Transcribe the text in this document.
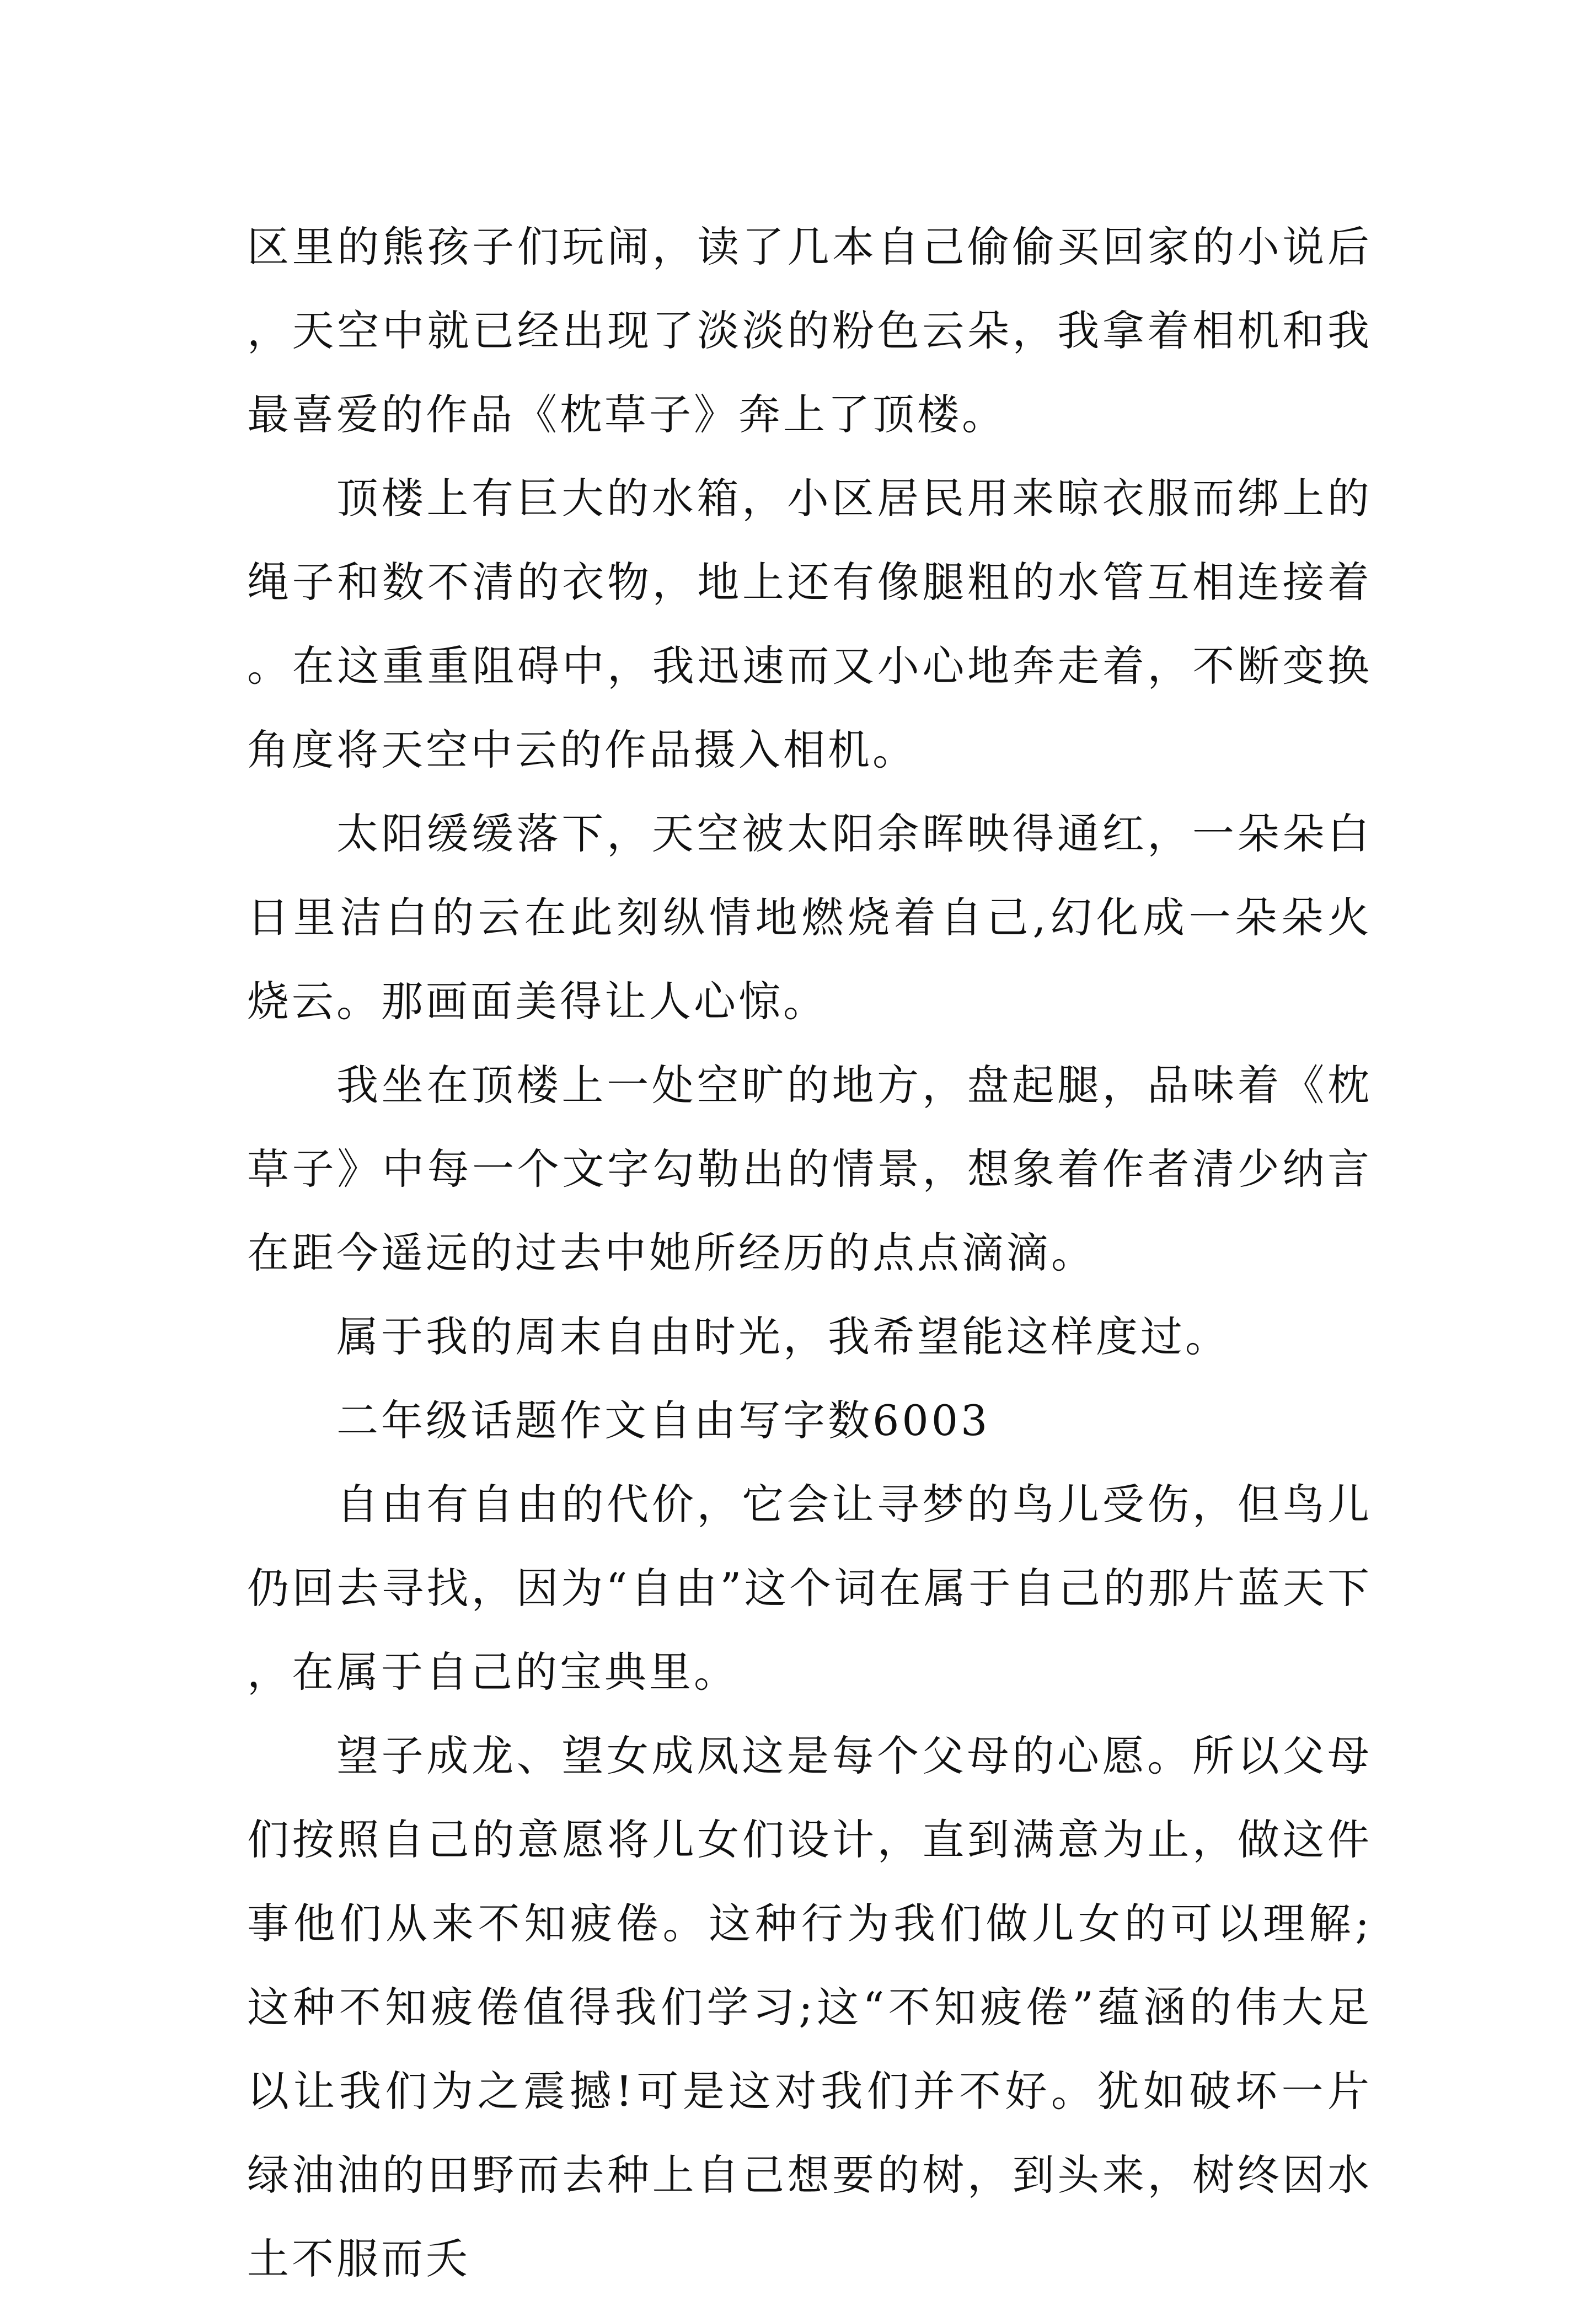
区里的熊孩子们玩闹，读了几本自己偷偷买回家的小说后，天空中就已经出现了淡淡的粉色云朵，我拿着相机和我最喜爱的作品《枕草子》奔上了顶楼。

顶楼上有巨大的水箱，小区居民用来晾衣服而绑上的绳子和数不清的衣物，地上还有像腿粗的水管互相连接着。在这重重阻碍中，我迅速而又小心地奔走着，不断变换角度将天空中云的作品摄入相机。

太阳缓缓落下，天空被太阳余晖映得通红，一朵朵白日里洁白的云在此刻纵情地燃烧着自己,幻化成一朵朵火烧云。那画面美得让人心惊。

我坐在顶楼上一处空旷的地方，盘起腿，品味着《枕草子》中每一个文字勾勒出的情景，想象着作者清少纳言在距今遥远的过去中她所经历的点点滴滴。

属于我的周末自由时光，我希望能这样度过。

二年级话题作文自由写字数6003

自由有自由的代价，它会让寻梦的鸟儿受伤，但鸟儿仍回去寻找，因为“自由”这个词在属于自己的那片蓝天下，在属于自己的宝典里。

望子成龙、望女成凤这是每个父母的心愿。所以父母们按照自己的意愿将儿女们设计，直到满意为止，做这件事他们从来不知疲倦。这种行为我们做儿女的可以理解;这种不知疲倦值得我们学习;这“不知疲倦”蕴涵的伟大足以让我们为之震撼!可是这对我们并不好。犹如破坏一片绿油油的田野而去种上自己想要的树，到头来，树终因水土不服而夭
